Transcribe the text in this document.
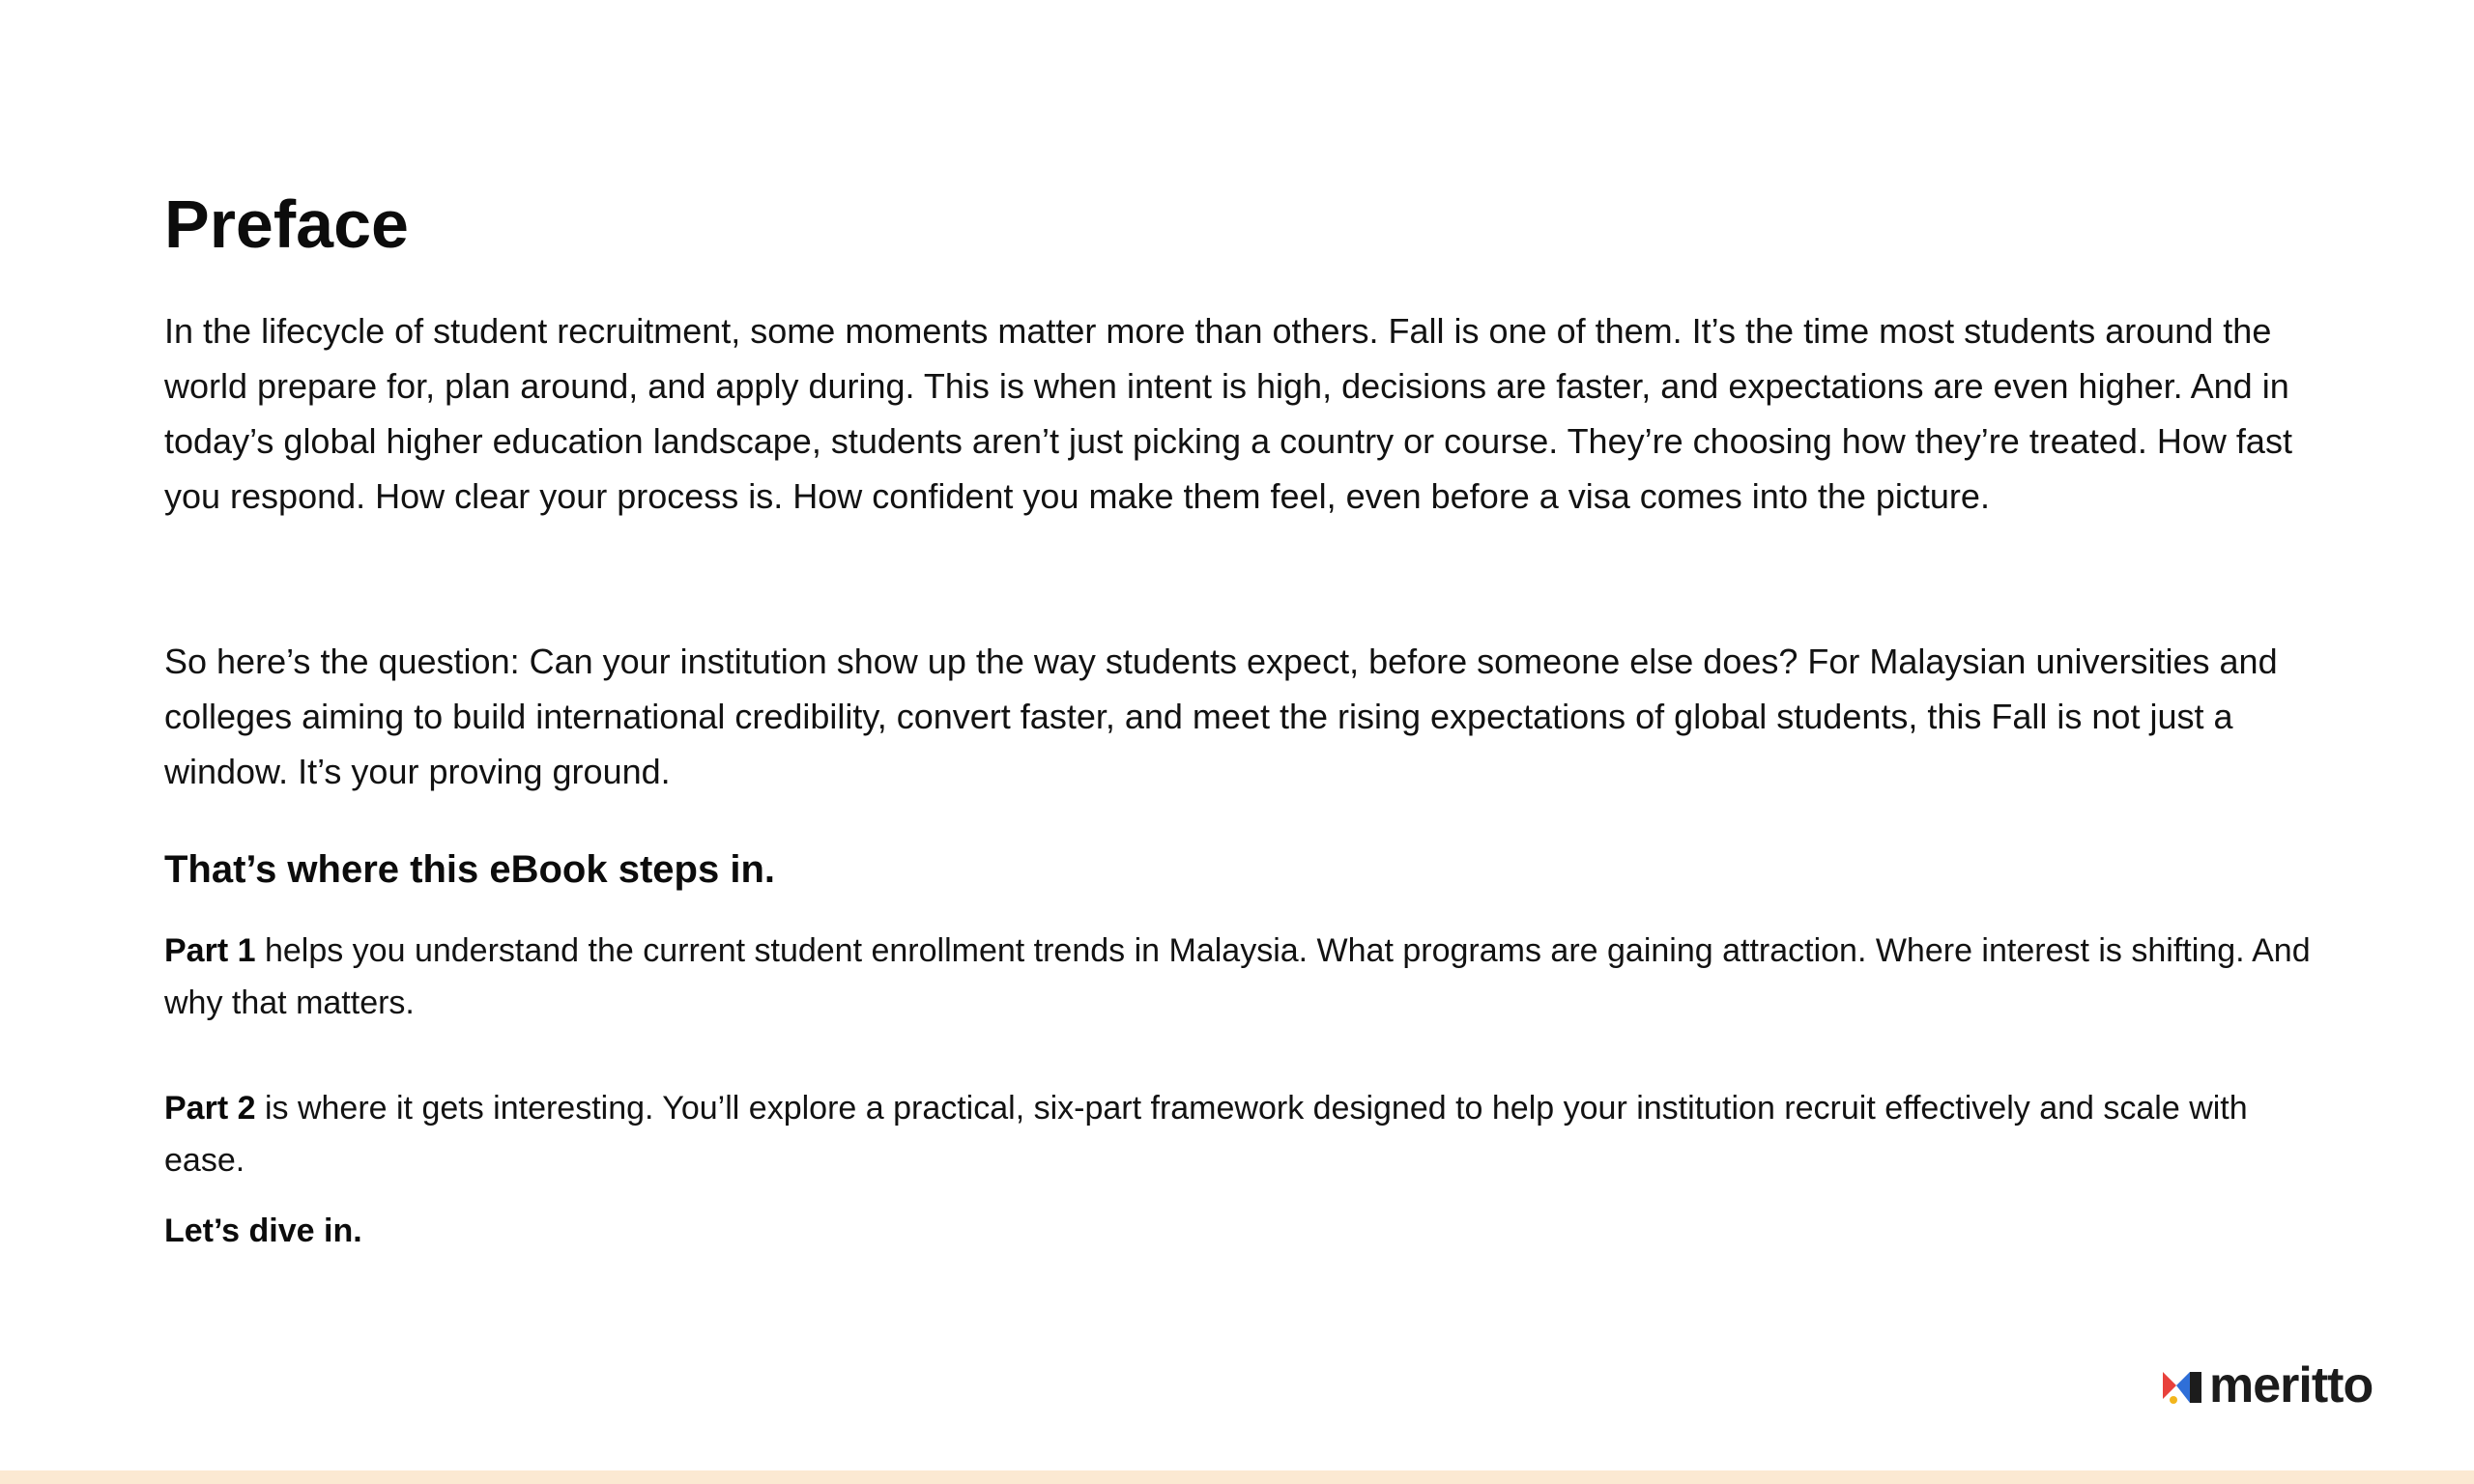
Preface

In the lifecycle of student recruitment, some moments matter more than others. Fall is one of them. It’s the time most students around the world prepare for, plan around, and apply during. This is when intent is high, decisions are faster, and expectations are even higher. And in today’s global higher education landscape, students aren’t just picking a country or course. They’re choosing how they’re treated. How fast you respond. How clear your process is. How confident you make them feel, even before a visa comes into the picture.

So here’s the question: Can your institution show up the way students expect, before someone else does? For Malaysian universities and colleges aiming to build international credibility, convert faster, and meet the rising expectations of global students, this Fall is not just a window. It’s your proving ground.

That’s where this eBook steps in.

Part 1 helps you understand the current student enrollment trends in Malaysia. What programs are gaining attraction. Where interest is shifting. And why that matters.

Part 2 is where it gets interesting. You’ll explore a practical, six-part framework designed to help your institution recruit effectively and scale with ease.

Let’s dive in.

meritto
